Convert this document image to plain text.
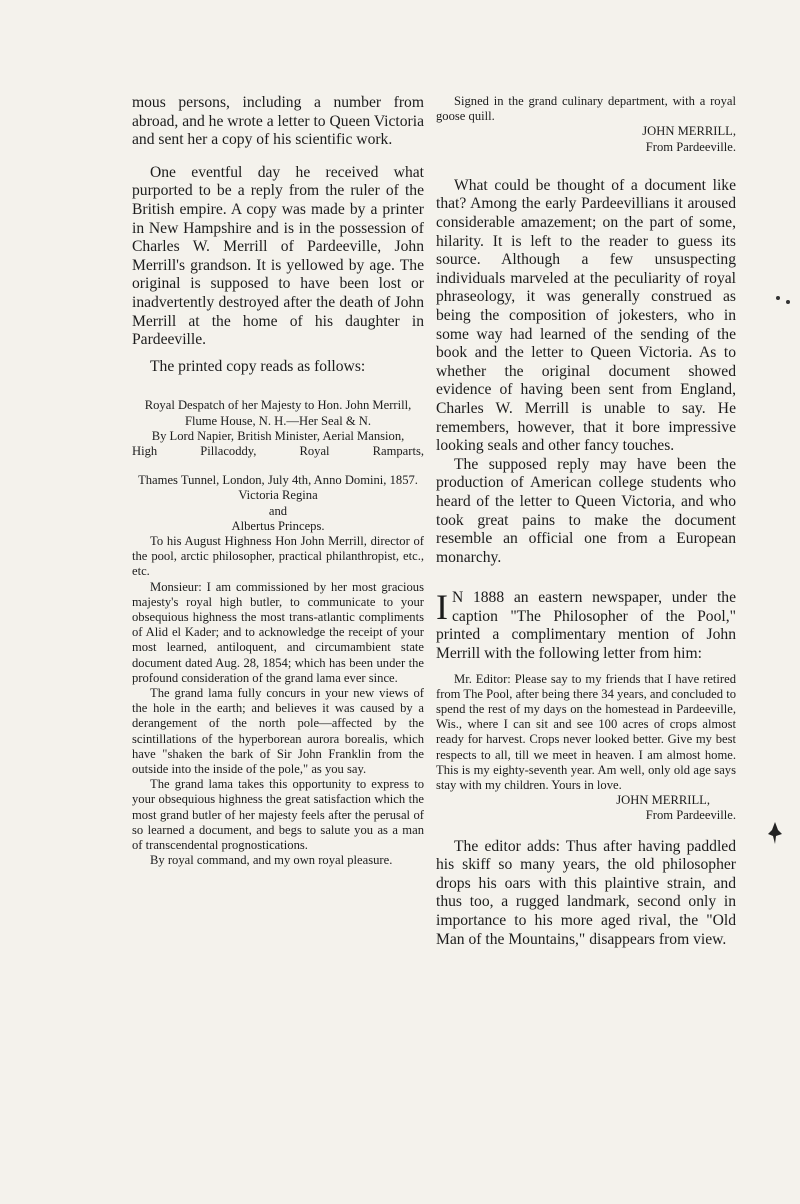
mous persons, including a number from abroad, and he wrote a letter to Queen Victoria and sent her a copy of his scientific work.

One eventful day he received what purported to be a reply from the ruler of the British empire. A copy was made by a printer in New Hampshire and is in the possession of Charles W. Merrill of Pardeeville, John Merrill's grandson. It is yellowed by age. The original is supposed to have been lost or inadvertently destroyed after the death of John Merrill at the home of his daughter in Pardeeville.

The printed copy reads as follows:

Royal Despatch of her Majesty to Hon. John Merrill, Flume House, N. H.—Her Seal & N.

By Lord Napier, British Minister, Aerial Mansion,

High Pillacoddy, Royal Ramparts,

Thames Tunnel, London, July 4th, Anno Domini, 1857.

Victoria Regina

and

Albertus Princeps.

To his August Highness Hon John Merrill, director of the pool, arctic philosopher, practical philanthropist, etc., etc.

Monsieur: I am commissioned by her most gracious majesty's royal high butler, to communicate to your obsequious highness the most trans-atlantic compliments of Alid el Kader; and to acknowledge the receipt of your most learned, antiloquent, and circumambient state document dated Aug. 28, 1854; which has been under the profound consideration of the grand lama ever since.

The grand lama fully concurs in your new views of the hole in the earth; and believes it was caused by a derangement of the north pole—affected by the scintillations of the hyperborean aurora borealis, which have "shaken the bark of Sir John Franklin from the outside into the inside of the pole," as you say.

The grand lama takes this opportunity to express to your obsequious highness the great satisfaction which the most grand butler of her majesty feels after the perusal of so learned a document, and begs to salute you as a man of transcendental prognostications.

By royal command, and my own royal pleasure.

Signed in the grand culinary department, with a royal goose quill.

JOHN MERRILL,

From Pardeeville.

What could be thought of a document like that? Among the early Pardeevillians it aroused considerable amazement; on the part of some, hilarity. It is left to the reader to guess its source. Although a few unsuspecting individuals marveled at the peculiarity of royal phraseology, it was generally construed as being the composition of jokesters, who in some way had learned of the sending of the book and the letter to Queen Victoria. As to whether the original document showed evidence of having been sent from England, Charles W. Merrill is unable to say. He remembers, however, that it bore impressive looking seals and other fancy touches.

The supposed reply may have been the production of American college students who heard of the letter to Queen Victoria, and who took great pains to make the document resemble an official one from a European monarchy.

I N 1888 an eastern newspaper, under the caption "The Philosopher of the Pool," printed a complimentary mention of John Merrill with the following letter from him:

Mr. Editor: Please say to my friends that I have retired from The Pool, after being there 34 years, and concluded to spend the rest of my days on the homestead in Pardeeville, Wis., where I can sit and see 100 acres of crops almost ready for harvest. Crops never looked better. Give my best respects to all, till we meet in heaven. I am almost home. This is my eighty-seventh year. Am well, only old age says stay with my children. Yours in love.

JOHN MERRILL,

From Pardeeville.

The editor adds: Thus after having paddled his skiff so many years, the old philosopher drops his oars with this plaintive strain, and thus too, a rugged landmark, second only in importance to his more aged rival, the "Old Man of the Mountains," disappears from view.
